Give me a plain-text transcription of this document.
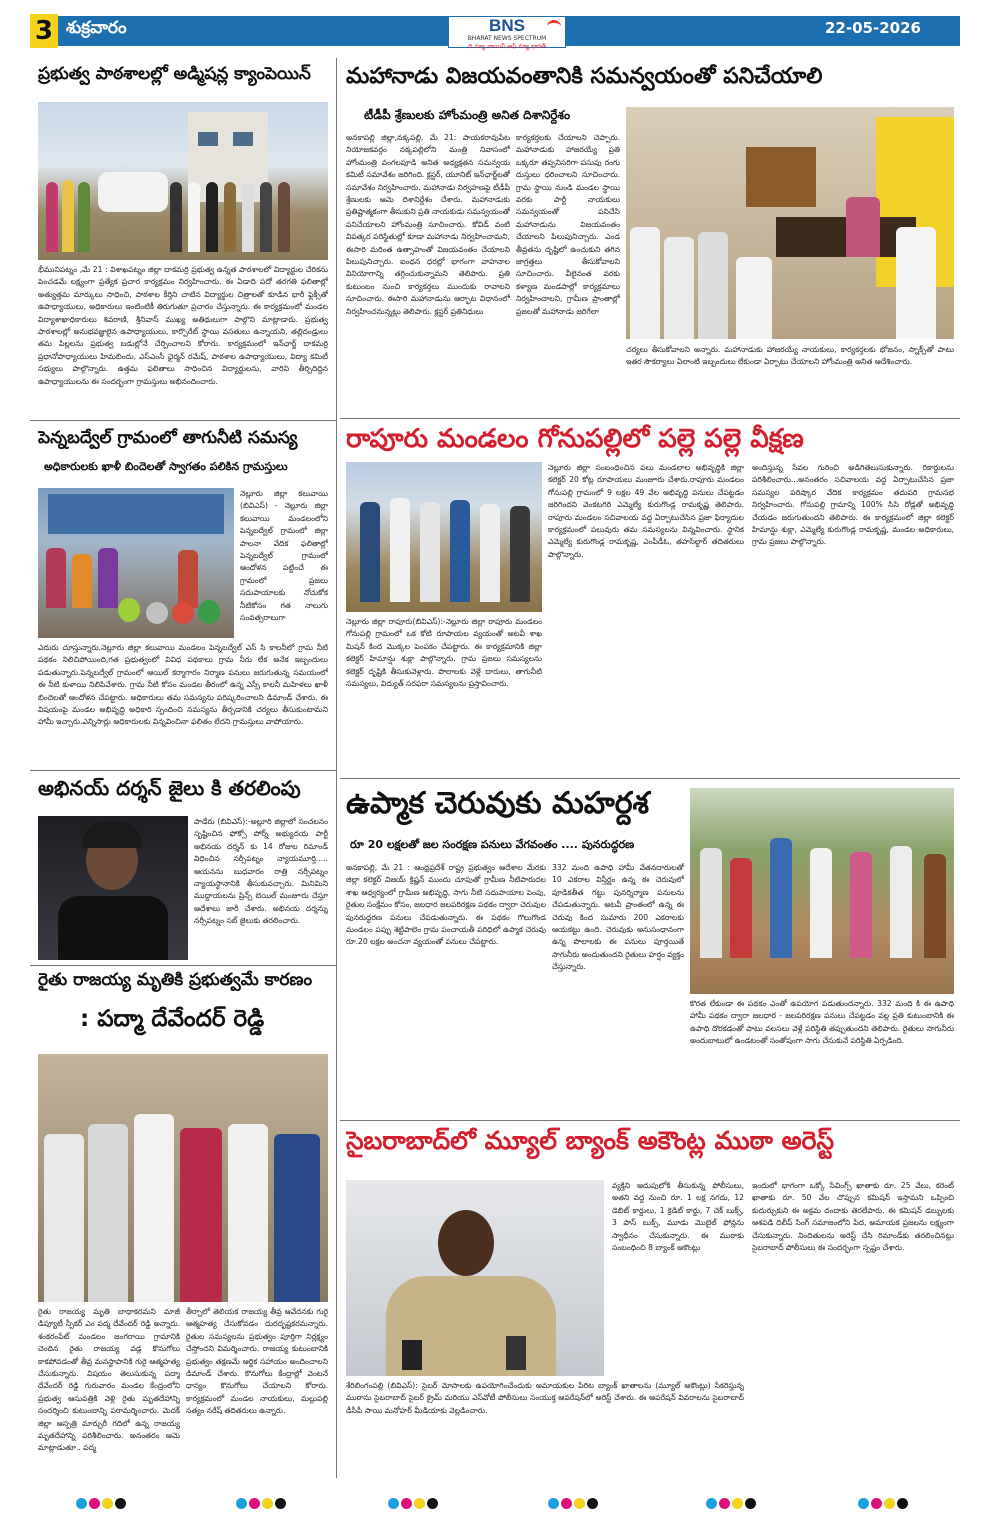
3 శుక్రవారం	BNS
BHARAT NEWS SPECTRUM
ది న్యూ వాయిస్ ఆఫ్ న్యూ భారత్
22-05-2026
ప్రభుత్వ పాఠశాలల్లో అడ్మిషన్ల క్యాంపెయిన్
భీమునిపట్నం ,మే 21 : విశాఖపట్నం జిల్లా దాకమర్రి ప్రభుత్వ ఉన్నత పాఠశాలలో విద్యార్థుల చేరికను పెంచడమే లక్ష్యంగా ప్రత్యేక ప్రచార కార్యక్రమం నిర్వహించారు. ఈ ఏడాది పదో తరగతి ఫలితాల్లో అత్యుత్తమ మార్కులు సాధించి, పాఠశాల కీర్తిని చాటిన విద్యార్థుల చిత్రాలతో కూడిన భారీ ఫ్లెక్సీతో ఉపాధ్యాయులు, అధికారులు ఇంటింటికీ తిరుగుతూ ప్రచారం చేస్తున్నారు. ఈ కార్యక్రమంలో మండల విద్యాశాఖాధికారులు శివరాణి, శ్రీనివాస్ ముఖ్య అతిథులుగా పాల్గొని మాట్లాడారు. ప్రభుత్వ పాఠశాలల్లో అనుభవజ్ఞులైన ఉపాధ్యాయులు, కార్పొరేట్ స్థాయి వసతులు ఉన్నాయని, తల్లిదండ్రులు తమ పిల్లలను ప్రభుత్వ బడుల్లోనే చేర్పించాలని కోరారు. కార్యక్రమంలో ఇన్‌ఛార్జ్ దాకమర్రి ప్రధానోపాధ్యాయులు హిమబిందు, ఎస్‌ఎంసీ ఛైర్మన్ రమేష్, పాఠశాల ఉపాధ్యాయులు, విద్యా కమిటీ సభ్యులు పాల్గొన్నారు. ఉత్తమ ఫలితాలు సాధించిన విద్యార్థులను, వారిని తీర్చిదిద్దిన ఉపాధ్యాయులను ఈ సందర్భంగా గ్రామస్తులు అభినందించారు.
మహానాడు విజయవంతానికి సమన్వయంతో పనిచేయాలి
టీడీపీ శ్రేణులకు హోంమంత్రి అనిత దిశానిర్దేశం
అనకాపల్లి జిల్లా,నక్కపల్లి, మే 21: పాయకరావుపేట నియోజకవర్గం నక్కపల్లిలోని మంత్రి నివాసంలో హోంమంత్రి వంగలపూడి అనిత అధ్యక్షతన సమన్వయ కమిటీ సమావేశం జరిగింది. క్లస్టర్, యూనిట్ ఇన్‌ఛార్జ్‌లతో సమావేశం నిర్వహించారు. మహానాడు నిర్వహణపై టీడీపీ శ్రేణులకు ఆమె దిశానిర్దేశం చేశారు. మహానాడుకు ప్రతిష్టాత్మకంగా తీసుకుని ప్రతి నాయకుడు సమన్వయంతో పనిచేయాలని హోంమంత్రి సూచించారు. కోవిడ్ వంటి విపత్కర పరిస్థితుల్లో కూడా మహానాడు నిర్వహించామని, ఈసారి మరింత ఉత్సాహంతో విజయవంతం చేయాలని పిలుపునిచ్చారు. ఐంధన ధరల్లో భాగంగా వాహనాల వినియోగాన్ని తగ్గించుకున్నామని తెలిపారు. ప్రతి కుటుంబం నుంచి కార్యకర్తలు ముందుకు రావాలని సూచించారు. ఈసారి మహానాడును ఆర్భాట విధానంలో నిర్వహించనున్నట్లు తెలిపారు. క్లస్టర్ ప్రతినిధులు
కార్యకర్తలకు చేయాలని చెప్పారు. మహానాడుకు హాజరయ్యే ప్రతి ఒక్కరూ తప్పనిసరిగా పసుపు రంగు దుస్తులు ధరించాలని సూచించారు. గ్రామ స్థాయి నుండి మండల స్థాయి వరకు పార్టీ నాయకులు సమన్వయంతో పనిచేసి మహానాడును విజయవంతం చేయాలని పిలుపునిచ్చారు. ఎండ తీవ్రతను దృష్టిలో ఉంచుకుని తగిన జాగ్రత్తలు తీసుకోవాలని సూచించారు. వీలైనంత వరకు కళ్యాణ మండపాల్లో కార్యక్రమాలు నిర్వహించాలని, గ్రామీణ ప్రాంతాల్లో ప్రజలతో మహానాడు జరిగేలా
చర్యలు తీసుకోవాలని అన్నారు. మహానాడుకు హాజరయ్యే నాయకులు, కార్యకర్తలకు భోజనం, స్నాక్స్‌తో పాటు ఇతర సౌకర్యాలు ఏలాంటి ఇబ్బందులు లేకుండా ఏర్పాటు చేయాలని హోంమంత్రి అనిత ఆదేశించారు.
పెన్నబద్వేల్ గ్రామంలో తాగునీటి సమస్య
అధికారులకు ఖాళీ బిందెలతో స్వాగతం పలికిన గ్రామస్తులు
నెల్లూరు జిల్లా కలువాయి (బివిఎస్) - నెల్లూరు జిల్లా కలువాయి మండలంలోని పెన్నబద్వేల్ గ్రామంలో జిల్లా పాలనా వేదిక ఫలితాల్లో పెన్నబద్వేల్ గ్రామంలో ఆందోళన పట్టించే ఈ గ్రామంలో ప్రజలు సదుపాయాలకు నోచుకోక నీటికోసం గత నాలుగు సంవత్సరాలుగా
ఎదురు చూస్తున్నారు,నెల్లూరు జిల్లా కలువాయి మండలం పెన్నబద్వేల్ ఎస్ సి కాలనీలో గ్రామ నీటి పథకం నిలిచిపోయింది,గత ప్రభుత్వంలో వివిధ పథకాలు గ్రామ నీరు లేక అనేక ఇబ్బందులు పడుతున్నారు.పెన్నబద్వేల్ గ్రామంలో ఆయిల్ కర్మాగారం నిర్మాణ పనులు జరుగుతున్న సమయంలో ఈ నీటి కుళాయి నిలిపివేశారు. గ్రామ నీటి కోసం మండల తీరంలో ఉన్న ఎస్సీ కాలనీ మహిళలు ఖాళీ బిందెలతో ఆందోళన చేపట్టారు. అధికారులు తమ సమస్యను పరిష్కరించాలని డిమాండ్ చేశారు. ఈ విషయంపై మండల అభివృద్ధి అధికారి స్పందించి సమస్యను తీర్చడానికి చర్యలు తీసుకుంటామని హామీ ఇచ్చారు.ఎన్నిసార్లు అధికారులకు విన్నవించినా ఫలితం లేదని గ్రామస్తులు వాపోయారు.
రాపూరు మండలం గోనుపల్లిలో పల్లె పల్లె వీక్షణ
నెల్లూరు జిల్లా రాపూరు(బివిఎస్):-నెల్లూరు జిల్లా రాపూరు మండలం గోనుపల్లి గ్రామంలో ఒక కోటి రూపాయల వ్యయంతో అటవీ శాఖ మిషన్ కింద మొక్కల పెంపకం చేపట్టారు. ఈ కార్యక్రమానికి జిల్లా కలెక్టర్ హిమాన్షు శుక్లా పాల్గొన్నారు. గ్రామ ప్రజలు సమస్యలను కలెక్టర్ దృష్టికి తీసుకువెళ్లారు. పొలాలకు వెళ్లే దారులు, తాగునీటి సమస్యలు, విద్యుత్ సరఫరా సమస్యలను ప్రస్తావించారు.
నెల్లూరు జిల్లా సంబంధించిన పలు మండలాల అభివృద్ధికి జిల్లా కలెక్టర్ 20 కోట్ల రూపాయలు మంజూరు చేశారు.రాపూరు మండలం గోనుపల్లి గ్రామంలో 9 లక్షల 49 వేల అభివృద్ధి పనులు చేపట్టడం జరిగిందని వెంకటగిరి ఎమ్మెల్యే కురుగొండ్ల రామకృష్ణ తెలిపారు. రాపూరు మండలం సచివాలయ వద్ద ఏర్పాటుచేసిన ప్రజా ఫిర్యాదుల కార్యక్రమంలో పలువురు తమ సమస్యలను విన్నవించారు. స్థానిక ఎమ్మెల్యే కురుగొండ్ల రామకృష్ణ, ఎంపీడీఓ, తహసిల్దార్ తదితరులు పాల్గొన్నారు.
అందిస్తున్న సేవల గురించి అడిగితెలుసుకున్నారు. రికార్డులను పరిశీలించారు...అనంతరం సచివాలయ వద్ద ఏర్పాటుచేసిన ప్రజా సమస్యల పరిష్కార వేదిక కార్యక్రమం తదుపరి గ్రామసభ నిర్వహించారు. గోనుపల్లి గ్రామాన్ని 100% సిసి రోడ్లతో అభివృద్ధి చేయడం జరుగుతుందని తెలిపారు. ఈ కార్యక్రమంలో జిల్లా కలెక్టర్ హిమాన్షు శుక్లా, ఎమ్మెల్యే కురుగొండ్ల రామకృష్ణ, మండల అధికారులు, గ్రామ ప్రజలు పాల్గొన్నారు.
అభినయ్ దర్శన్ జైలు కి తరలింపు
పాడేరు (బివిఎస్):-అల్లూరి జిల్లాలో సంచలనం సృష్టించిన ఫోక్సో పోర్న్ అభ్యుదయ పార్టీ అభినయ దర్శన్ కు 14 రోజుల రిమాండ్ విధించిన నర్సీపట్నం న్యాయమూర్తి..... ఆయనను బుధవారం రాత్రి నర్సీపట్నం న్యాయస్థానానికి తీసుకువచ్చారు. మినిమిని ముద్దాయలను ప్రిన్స్ బెయిల్ మంజూరు చేస్తూ ఆదేశాలు జారీ చేశారు. అభినయ దర్శన్ను నర్సీపట్నం సబ్ జైలుకు తరలించారు.
రైతు రాజయ్య మృతికి ప్రభుత్వమే కారణం
: పద్మా దేవేందర్ రెడ్డి
రైతు రాజయ్య మృతి బాధాకరమని మాజీ డిప్యూటీ స్పీకర్ ఎం పద్మ దేవేందర్ రెడ్డి అన్నారు. శంకరంపేట్ మండలం జంగరాయి గ్రామానికి చెందిన రైతు రాజయ్య వడ్ల కొనుగోలు కాకపోవడంతో తీవ్ర మనస్థాపానికి గురై ఆత్మహత్య చేసుకున్నారు. విషయం తెలుసుకున్న పద్మా దేవేందర్ రెడ్డి గురువారం మండల కేంద్రంలోని ప్రభుత్వ ఆసుపత్రికి వెళ్లి రైతు మృతదేహాన్ని సందర్శించి కుటుంబాన్ని పరామర్శించారు. మెదక్ జిల్లా ఆస్పత్రి మార్చురీ గదిలో ఉన్న రాజయ్య మృతదేహాన్ని పరిశీలించారు. అనంతరం ఆమె మాట్లాడుతూ.. పద్మ
తీర్చాలో తెలియక రాజయ్య తీవ్ర ఆవేదనకు గురై ఆత్మహత్య చేసుకోవడం దురదృష్టకరమన్నారు. రైతుల సమస్యలను ప్రభుత్వం పూర్తిగా నిర్లక్ష్యం చేస్తోందని విమర్శించారు. రాజయ్య కుటుంబానికి ప్రభుత్వం తక్షణమే ఆర్థిక సహాయం అందించాలని డిమాండ్ చేశారు. కొనుగోలు కేంద్రాల్లో వెంటనే ధాన్యం కొనుగోలు చేయాలని కోరారు. కార్యక్రమంలో మండల నాయకులు, మల్లుపల్లి సత్యం నరేష్ తదితరులు ఉన్నారు.
ఉప్మాక చెరువుకు మహర్దశ
రూ 20 లక్షలతో జల సంరక్షణ పనులు వేగవంతం .... పునరుద్ధరణ
అనకాపల్లి, మే 21 : ఆంధ్రప్రదేశ్ రాష్ట్ర ప్రభుత్వం ఆదేశాల మేరకు జిల్లా కలెక్టర్ విజయ్ క్రిష్ణన్ ముందు చూపుతో గ్రామీణ నీటిపారుదల శాఖ ఆధ్వర్యంలో గ్రామీణ అభివృద్ధి, సాగు నీటి సదుపాయాల పెంపు, రైతుల సంక్షేమం కోసం, జలధార జలపరిరక్షణ పథకం ద్వారా చెరువుల పునరుద్ధరణ పనులు చేపడుతున్నారు. ఈ పథకం గొలుగొండ మండలం పప్పు శెట్టిపాలెం గ్రామ పంచాయతీ పరిధిలో ఉప్మాక చెరువు రూ.20 లక్షల అంచనా వ్యయంతో పనులు చేపట్టారు.
332 మంది ఉపాధి హామీ వేతనదారులతో 10 ఎకరాల విస్తీర్ణం ఉన్న ఈ చెరువులో పూడికతీత గట్టు పున‌ర్నిర్మాణ పనులను చేపడుతున్నారు. అటవీ ప్రాంతంలో ఉన్న ఈ చెరువు కింద సుమారు 200 ఎకరాలకు ఆయకట్టు ఉంది. చెరువుకు అనుసంధానంగా ఉన్న పొలాలకు ఈ పనులు పూర్తయితే సాగునీరు అందుతుందని రైతులు హర్షం వ్యక్తం చేస్తున్నారు.
కొరత లేకుండా ఈ పథకం ఎంతో ఉపయోగ పడుతుందన్నారు. 332 మంది కి ఈ ఉపాధి హామీ పథకం ద్వారా జలధార - జలపరిరక్షణ పనులు చేపట్టడం వల్ల ప్రతి కుటుంబానికి ఈ ఉపాధి దొరకడంతో పాటు వలసలు వెళ్లే పరిస్థితి తప్పుతుందని తెలిపారు. రైతులు సాగునీరు అందుబాటులో ఉండటంతో సంతోషంగా సాగు చేసుకునే పరిస్థితి ఏర్పడింది.
సైబరాబాద్‌లో మ్యూల్ బ్యాంక్ అకౌంట్ల ముఠా అరెస్ట్
వ్యక్తిని అదుపులోకి తీసుకున్న పోలీసులు, అతని వద్ద నుంచి రూ. 1 లక్ష నగదు, 12 డెబిట్ కార్డులు, 1 క్రెడిట్ కార్డు, 7 చెక్ బుక్స్, 3 పాస్ బుక్స్, మూడు మొబైల్ ఫోన్లను స్వాధీనం చేసుకున్నారు. ఈ ముఠాకు సంబంధించి 8 బ్యాంక్ అకౌంట్లు
శేరిలింగంపల్లి (బివిఎస్): సైబర్ మోసాలకు ఉపయోగించేందుకు అమాయకుల పేరిట బ్యాంక్ ఖాతాలను (మ్యూల్ అకౌంట్లు) సేకరిస్తున్న ముఠాను సైబరాబాద్ సైబర్ క్రైమ్ మరియు ఎస్‌వోటీ పోలీసులు సంయుక్త ఆపరేషన్‌లో అరెస్ట్ చేశారు. ఈ ఆపరేషన్ వివరాలను సైబరాబాద్ డీసీపీ సాయి మనోహర్ మీడియాకు వెల్లడించారు.
ఇందులో భాగంగా ఒక్కో సేవింగ్స్ ఖాతాకు రూ. 25 వేలు, కరెంట్ ఖాతాకు రూ. 50 వేల చొప్పున కమిషన్ ఇస్తామని ఒప్పించి కుదుర్చుకుని ఈ అక్రమ దందాకు తెరలేపారు. ఈ కమిషన్ డబ్బులకు ఆశపడి దిలీప్ సింగ్ సమాజంలోని పేద, అమాయక ప్రజలను లక్ష్యంగా చేసుకున్నారు. నిందితులను అరెస్ట్ చేసి రిమాండ్‌కు తరలించినట్లు సైబరాబాద్ పోలీసులు ఈ సందర్భంగా స్పష్టం చేశారు.
